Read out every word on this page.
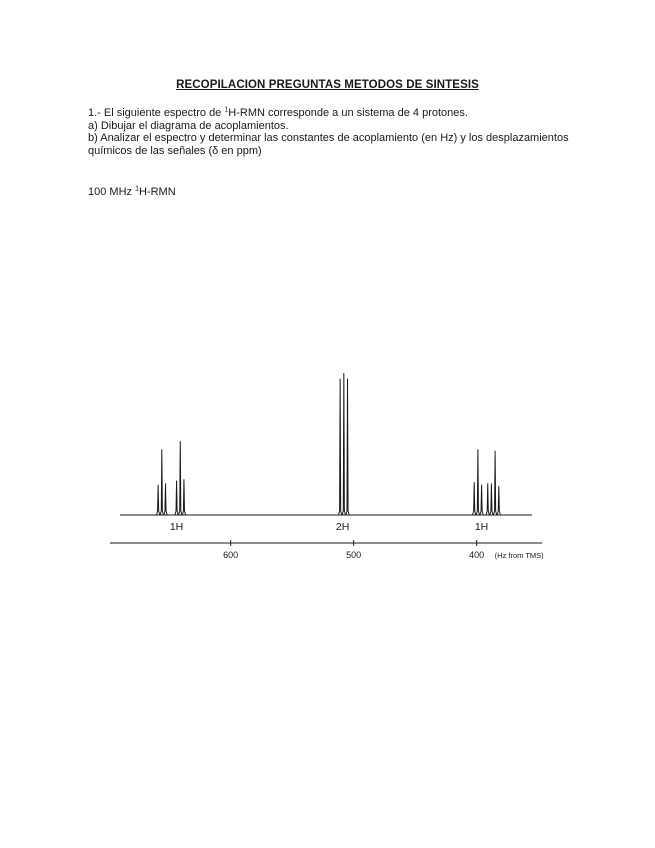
RECOPILACION PREGUNTAS METODOS DE SINTESIS

1.- El siguiente espectro de $^1$H-RMN corresponde a un sistema de 4 protones.

a) Dibujar el diagrama de acoplamientos.

b) Analizar el espectro y determinar las constantes de acoplamiento (en Hz) y los desplazamientos químicos de las señales (δ en ppm)

100 MHz $^1$H-RMN
1H	2H	1H
600	500	400 (Hz from TMS)
